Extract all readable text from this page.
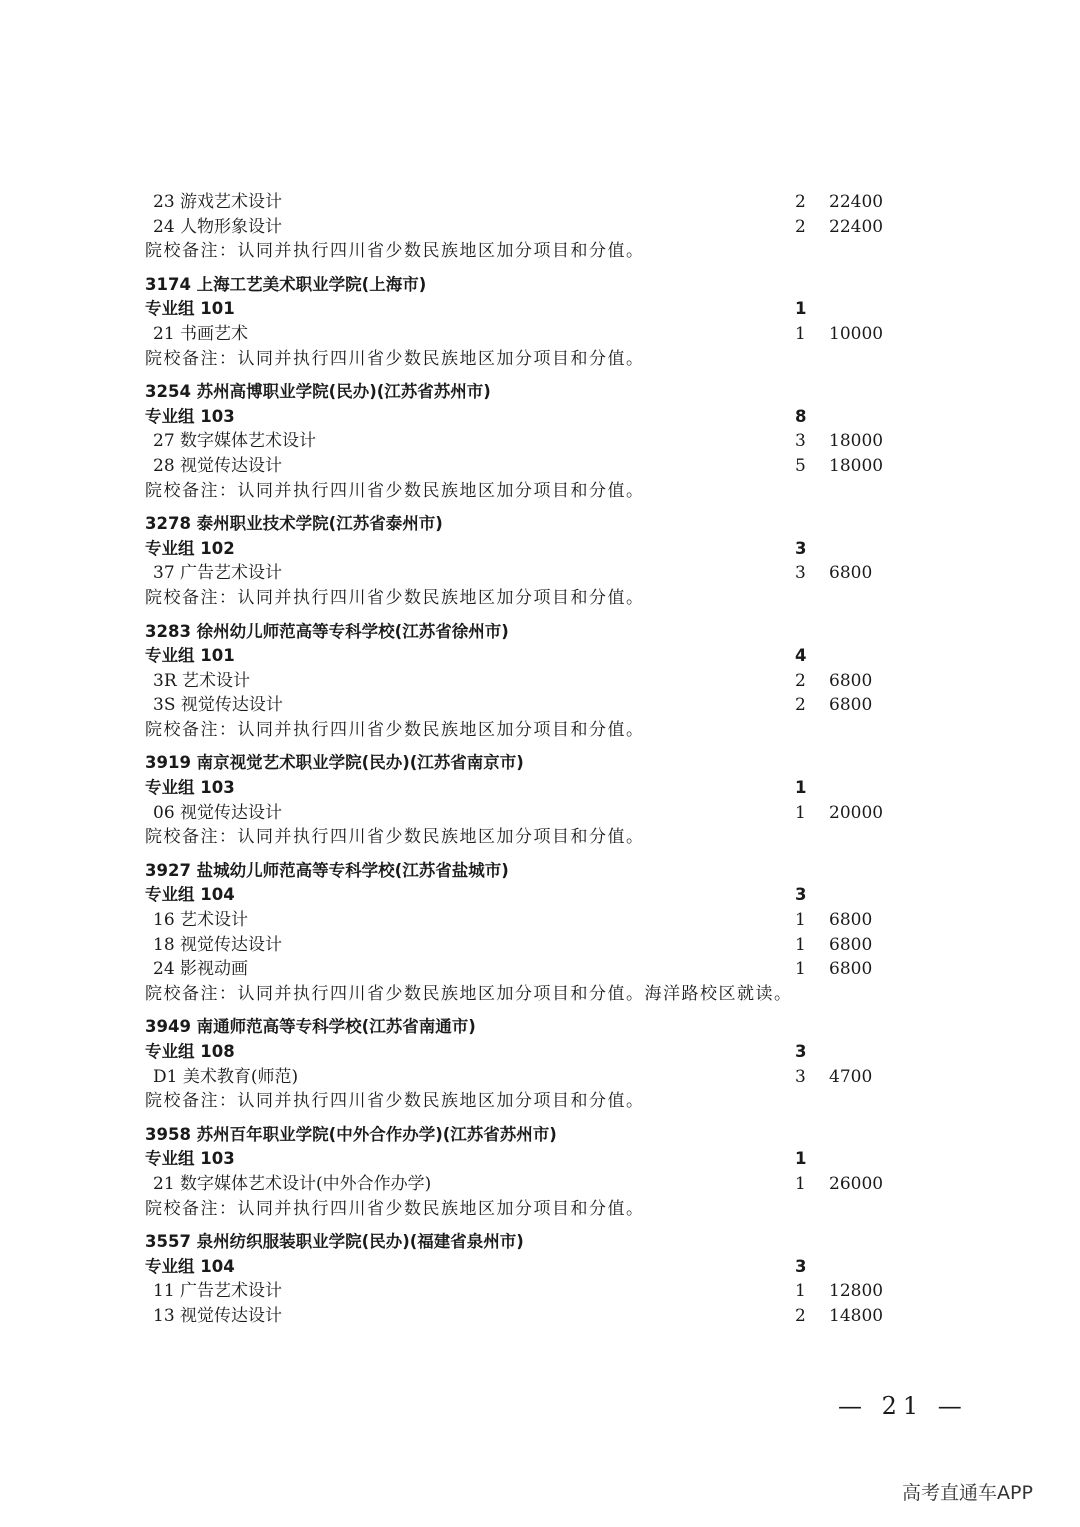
23 游戏艺术设计	2 22400
24 人物形象设计	2 22400
院校备注：认同并执行四川省少数民族地区加分项目和分值。
3174 上海工艺美术职业学院(上海市)
专业组 101	1
21 书画艺术	1 10000
院校备注：认同并执行四川省少数民族地区加分项目和分值。
3254 苏州高博职业学院(民办)(江苏省苏州市)
专业组 103	8
27 数字媒体艺术设计	3 18000
28 视觉传达设计	5 18000
院校备注：认同并执行四川省少数民族地区加分项目和分值。
3278 泰州职业技术学院(江苏省泰州市)
专业组 102	3
37 广告艺术设计	3 6800
院校备注：认同并执行四川省少数民族地区加分项目和分值。
3283 徐州幼儿师范高等专科学校(江苏省徐州市)
专业组 101	4
3R 艺术设计	2 6800
3S 视觉传达设计	2 6800
院校备注：认同并执行四川省少数民族地区加分项目和分值。
3919 南京视觉艺术职业学院(民办)(江苏省南京市)
专业组 103	1
06 视觉传达设计	1 20000
院校备注：认同并执行四川省少数民族地区加分项目和分值。
3927 盐城幼儿师范高等专科学校(江苏省盐城市)
专业组 104	3
16 艺术设计	1 6800
18 视觉传达设计	1 6800
24 影视动画	1 6800
院校备注：认同并执行四川省少数民族地区加分项目和分值。海洋路校区就读。
3949 南通师范高等专科学校(江苏省南通市)
专业组 108	3
D1 美术教育(师范)	3 4700
院校备注：认同并执行四川省少数民族地区加分项目和分值。
3958 苏州百年职业学院(中外合作办学)(江苏省苏州市)
专业组 103	1
21 数字媒体艺术设计(中外合作办学)	1 26000
院校备注：认同并执行四川省少数民族地区加分项目和分值。
3557 泉州纺织服装职业学院(民办)(福建省泉州市)
专业组 104	3
11 广告艺术设计	1 12800
13 视觉传达设计	2 14800
— 21 —
高考直通车APP
